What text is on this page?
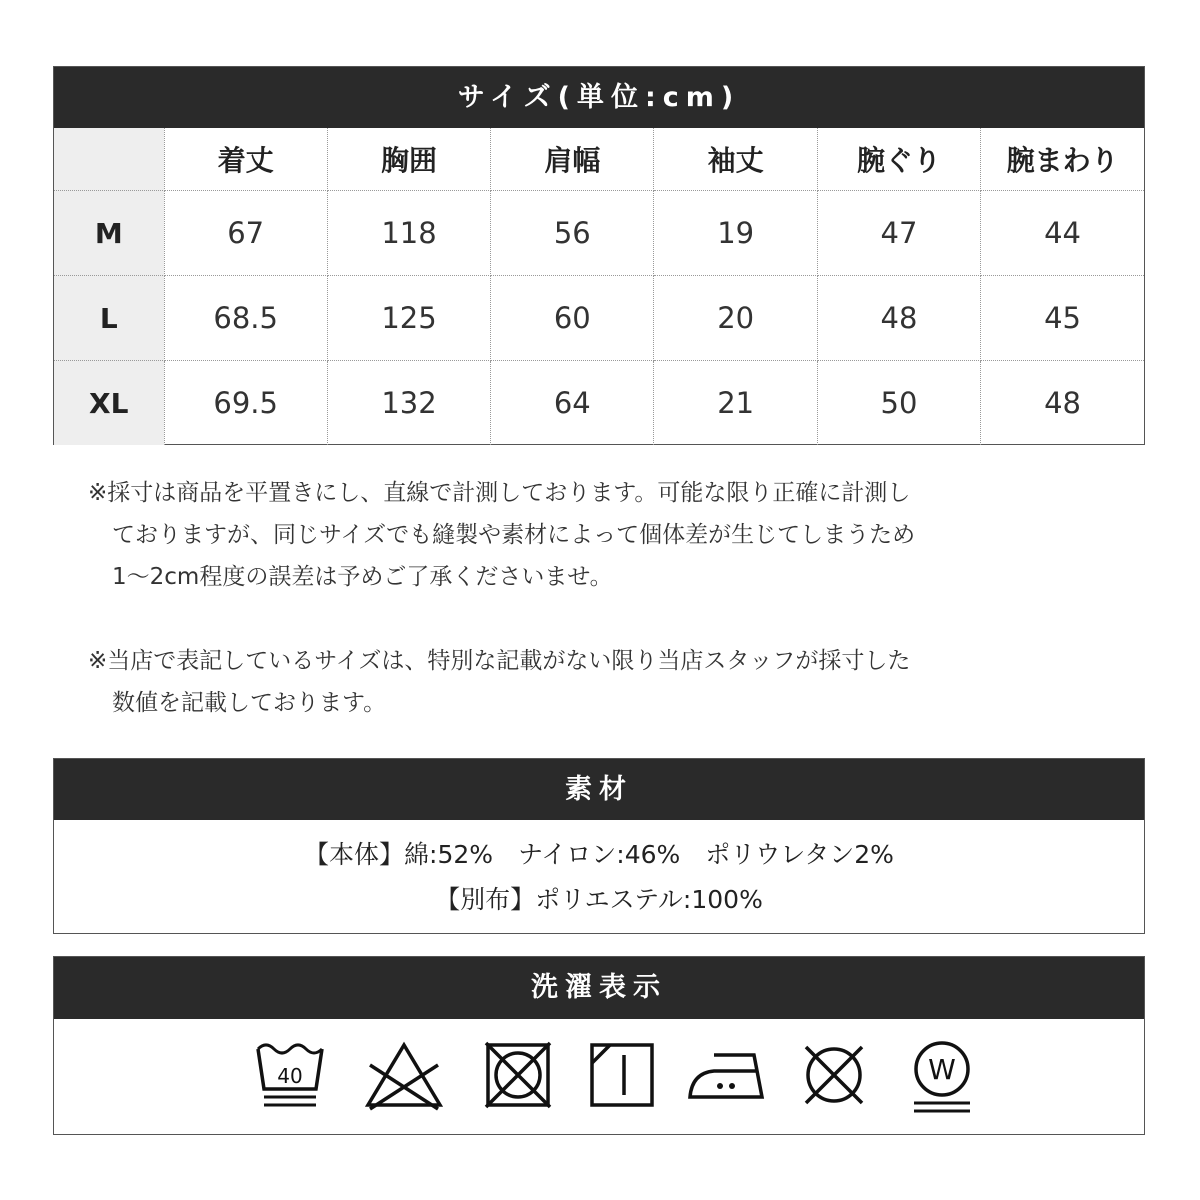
サイズ(単位:cm)
	着丈	胸囲	肩幅	袖丈	腕ぐり	腕まわり
M	67	118	56	19	47	44
L	68.5	125	60	20	48	45
XL	69.5	132	64	21	50	48

※採寸は商品を平置きにし、直線で計測しております。可能な限り正確に計測し

ておりますが、同じサイズでも縫製や素材によって個体差が生じてしまうため

1〜2cm程度の誤差は予めご了承くださいませ。

※当店で表記しているサイズは、特別な記載がない限り当店スタッフが採寸した

数値を記載しております。

素材
【本体】綿:52%　ナイロン:46%　ポリウレタン2%
【別布】ポリエステル:100%
洗濯表示
40	W
